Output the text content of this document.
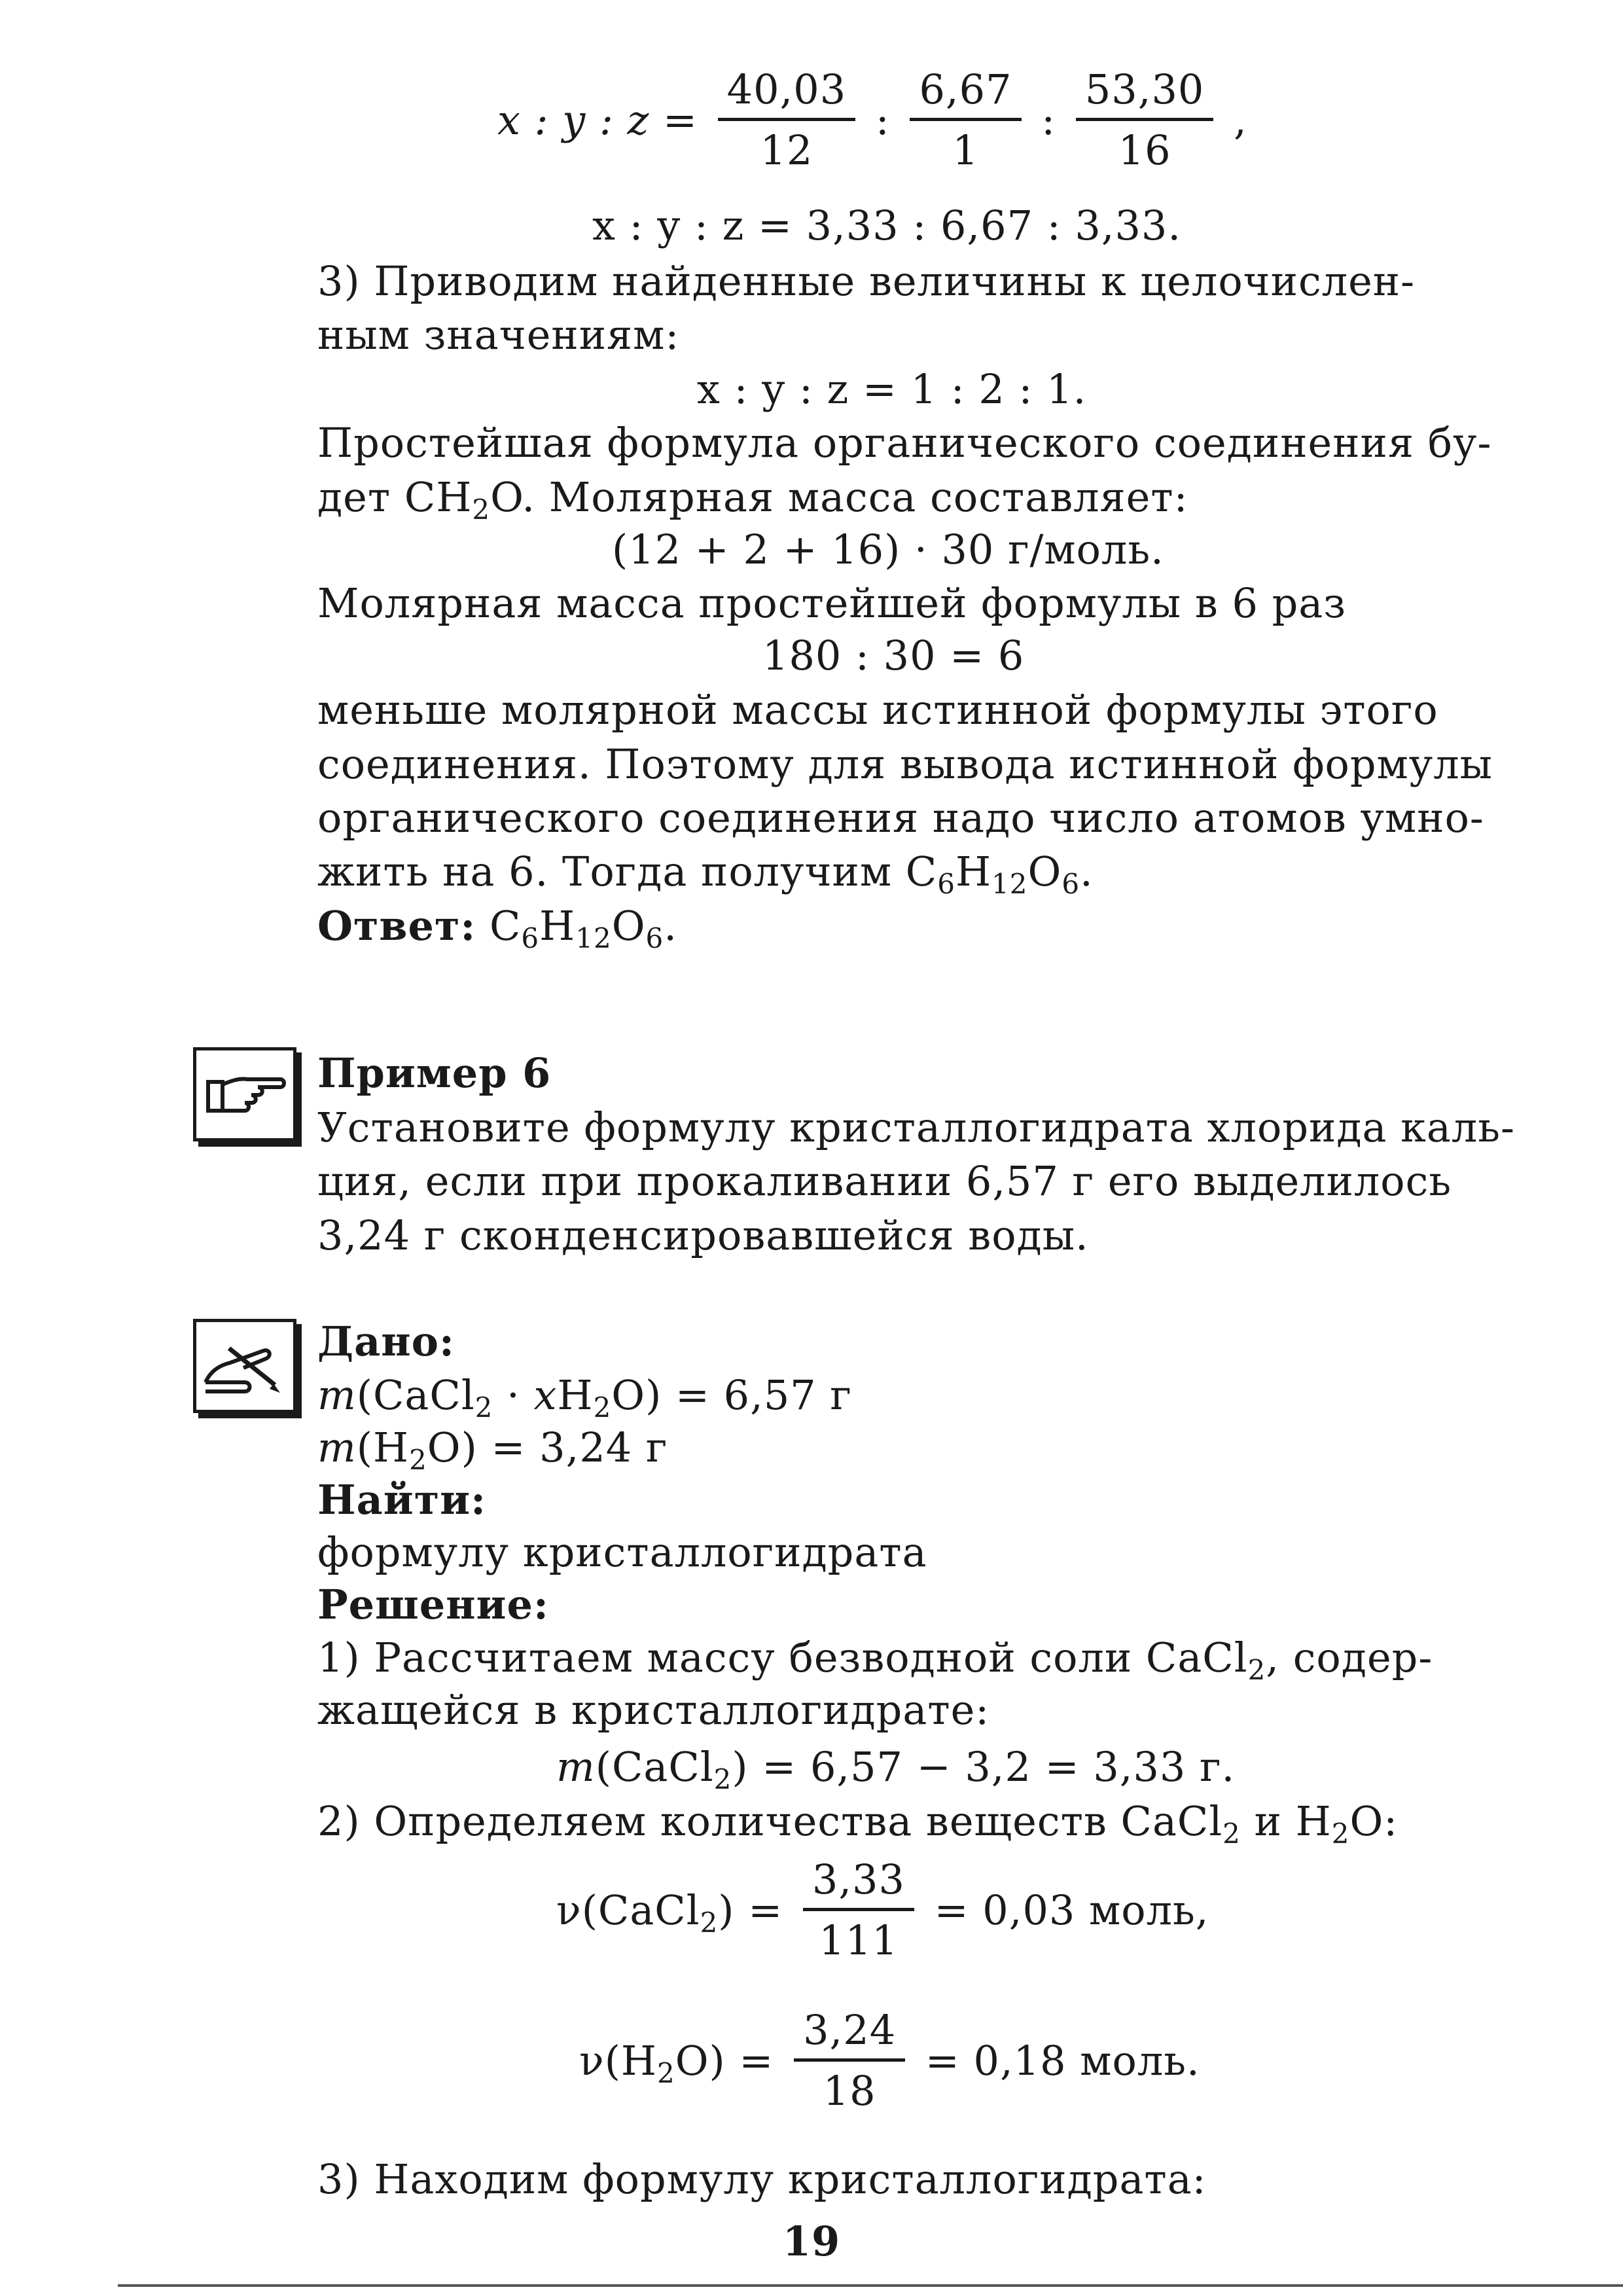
x : y : $z = \frac{40,03}{12}$ : $\frac{6,67}{1}$ : $\frac{53,30}{16}$ ,
x : y : z = 3,33 : 6,67 : 3,33.
3) Приводим найденные величины к целочислен-
ным значениям:
x : y : z = 1 : 2 : 1.
Простейшая формула органического соединения бу-
дет $CH_2O$. Молярная масса составляет:
(12 + 2 + 16) · 30 г/моль.
Молярная масса простейшей формулы в 6 раз
180 : 30 = 6
меньше молярной массы истинной формулы этого
соединения. Поэтому для вывода истинной формулы
органического соединения надо число атомов умно-
жить на 6. Тогда получим $C_6H_{12}O_6$.
Ответ: $C_6H_{12}O_6$.
Пример 6
Установите формулу кристаллогидрата хлорида каль-
ция, если при прокаливании 6,57 г его выделилось
3,24 г сконденсировавшейся воды.
Дано:
m(CaCl$_2$ · $xH_2O) = 6,57$ г
$m(H_2O) = 3,24$ г
Найти:
формулу кристаллогидрата
Решение:
1) Рассчитаем массу безводной соли CaCl$_2$, содер-
жащейся в кристаллогидрате:
m(CaCl$_2$) = 6,57 − 3,2 = 3,33 г.
2) Определяем количества веществ CaCl$_2$ и $H_2O$:
ν(CaCl$_2$) = $\frac{3,33}{111} = 0,03$ моль,
$\nu(H_2O) = \frac{3,24}{18} = 0,18$ моль.
3) Находим формулу кристаллогидрата:
19
